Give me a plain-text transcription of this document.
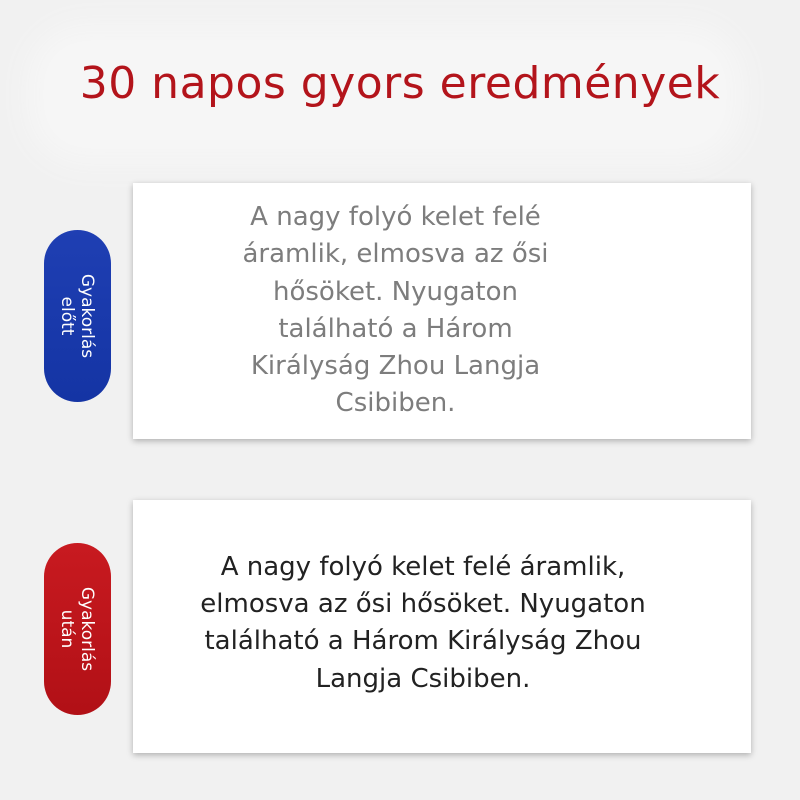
30 napos gyors eredmények

A nagy folyó kelet felé
áramlik, elmosva az ősi
hősöket. Nyugaton
található a Három
Királyság Zhou Langja
Csibiben.

Gyakorlás
előtt

A nagy folyó kelet felé áramlik,
elmosva az ősi hősöket. Nyugaton
található a Három Királyság Zhou
Langja Csibiben.

Gyakorlás
után
